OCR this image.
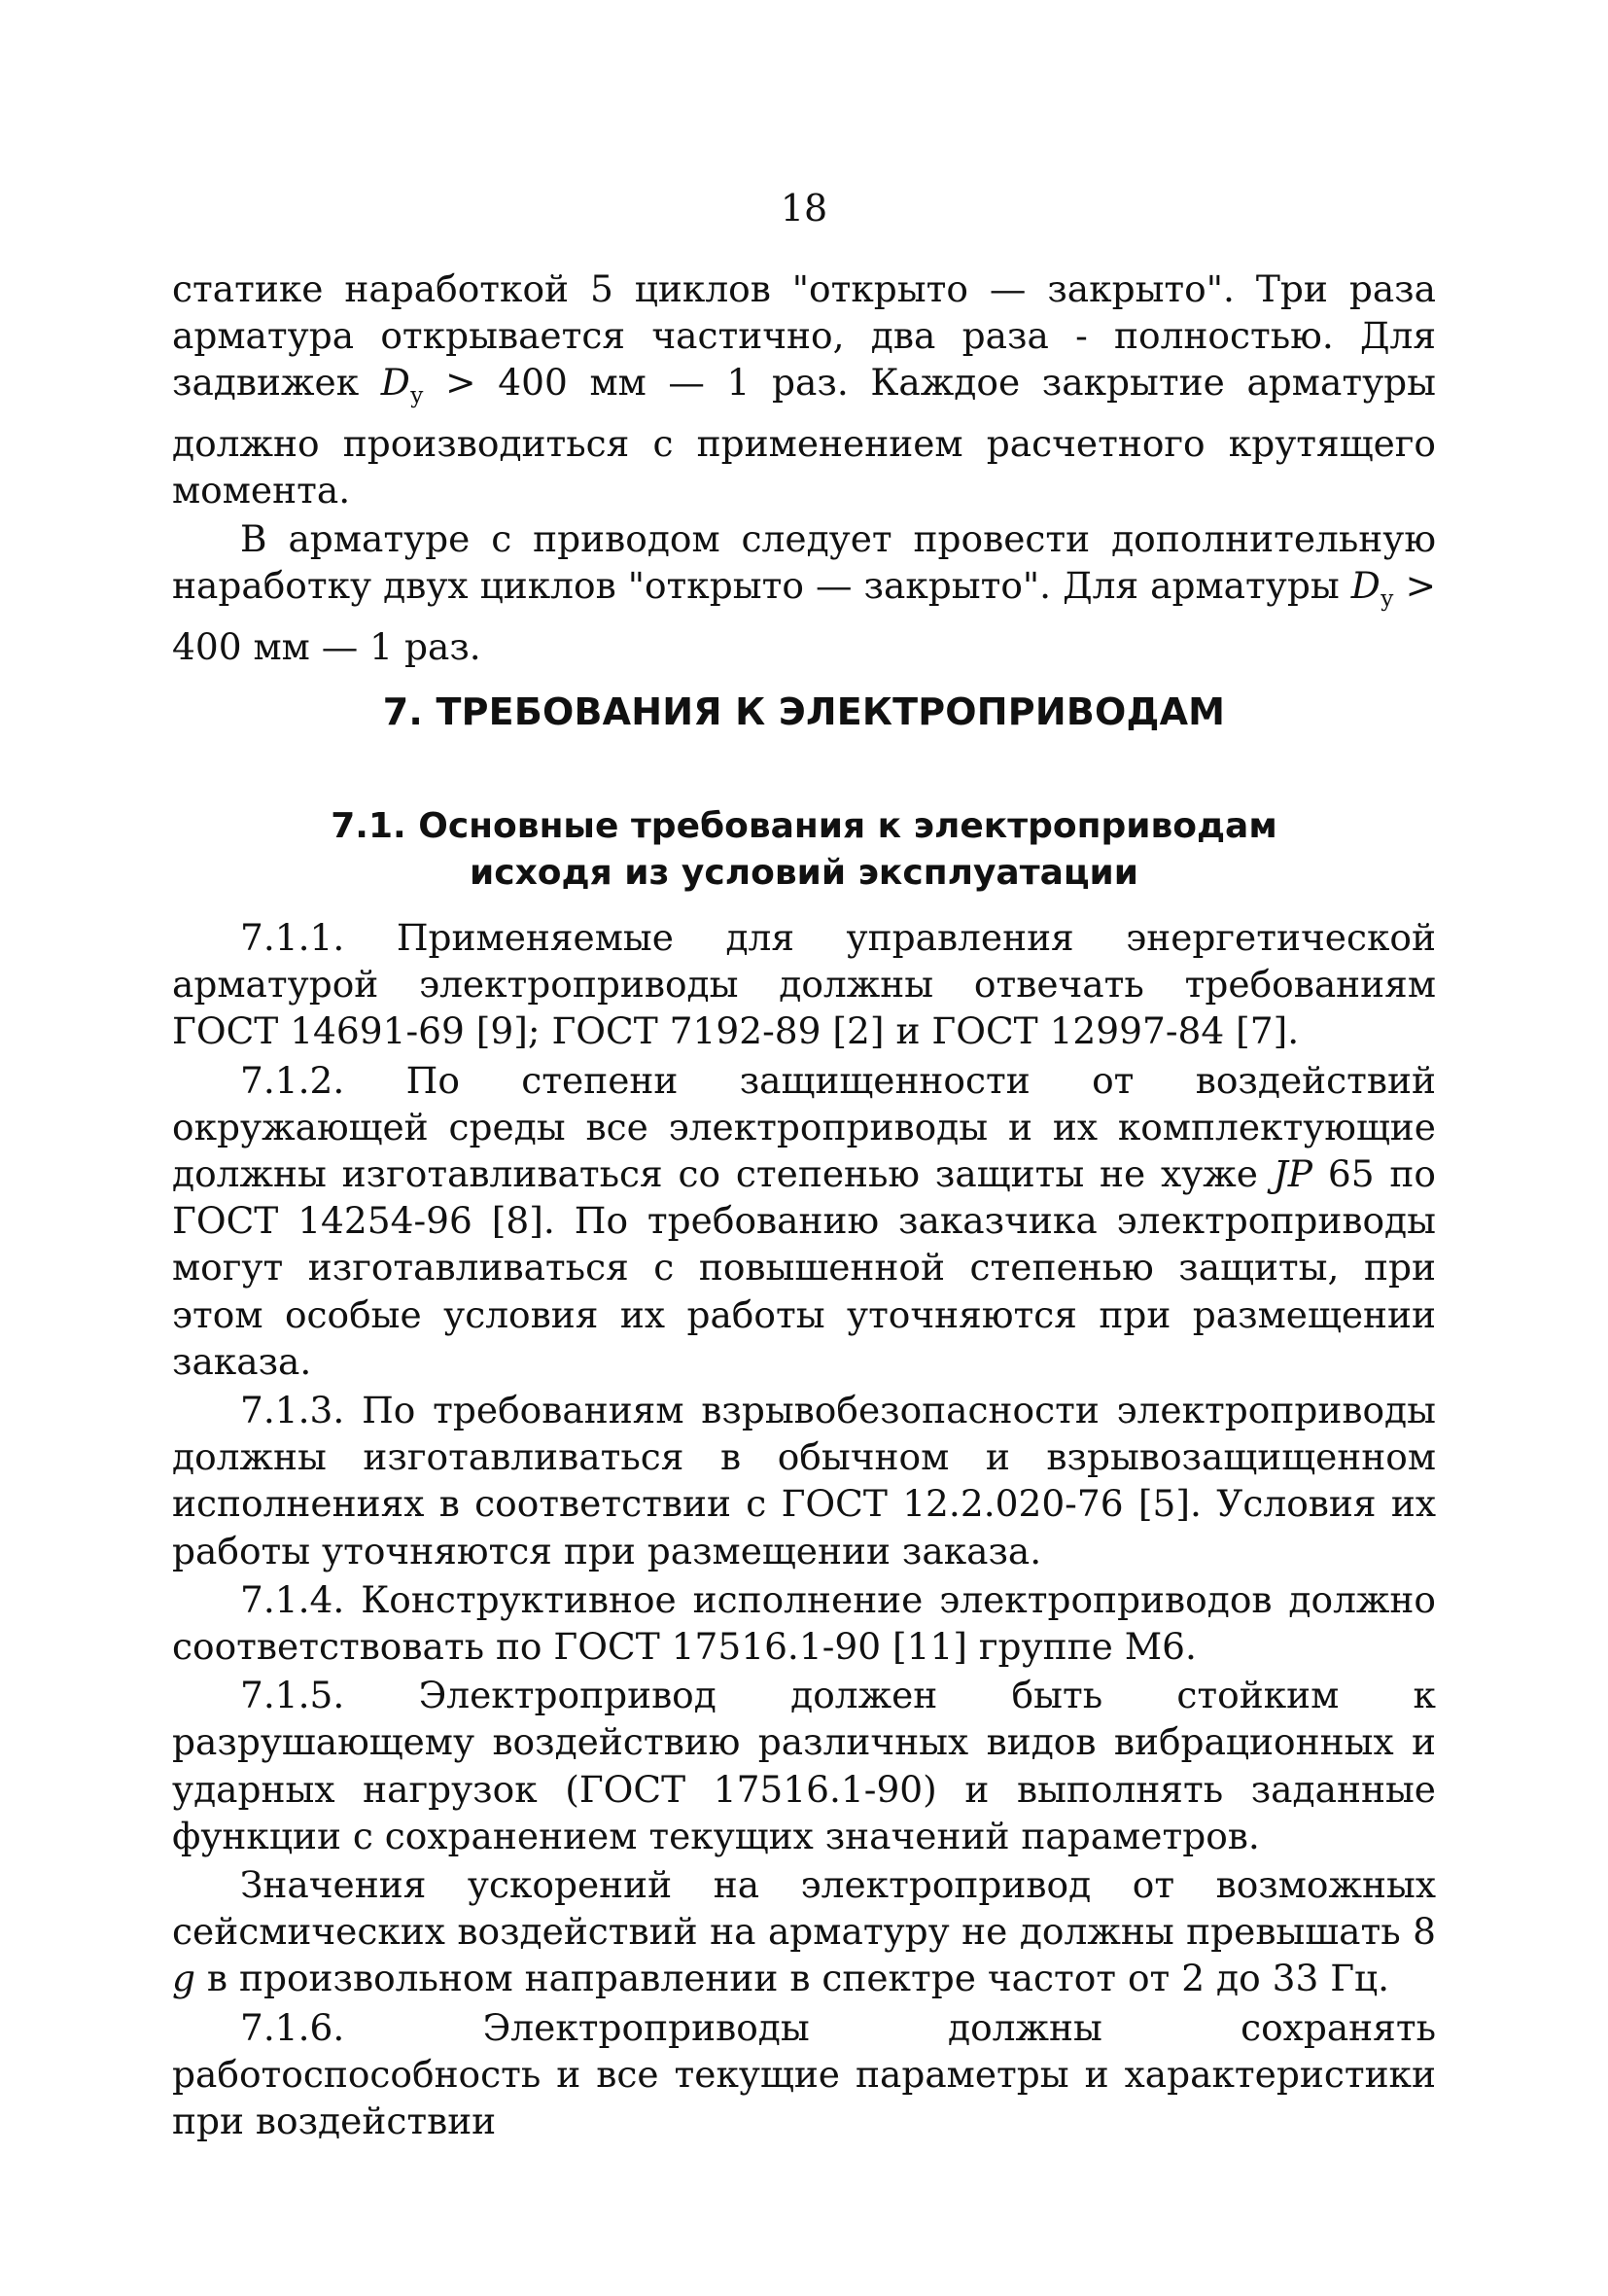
18

статике наработкой 5 циклов "открыто — закрыто". Три раза арматура открывается частично, два раза - полностью. Для задвижек $D_у > 400$ мм — 1 раз. Каждое закрытие арматуры должно производиться с применением расчетного крутящего момента.

В арматуре с приводом следует провести дополнительную наработку двух циклов "открыто — закрыто". Для арматуры $D_у > 400$ мм — 1 раз.

7. ТРЕБОВАНИЯ К ЭЛЕКТРОПРИВОДАМ
7.1. Основные требования к электроприводам
исходя из условий эксплуатации

7.1.1. Применяемые для управления энергетической арматурой электроприводы должны отвечать требованиям ГОСТ 14691-69 [9]; ГОСТ 7192-89 [2] и ГОСТ 12997-84 [7].

7.1.2. По степени защищенности от воздействий окружающей среды все электроприводы и их комплектующие должны изготавливаться со степенью защиты не хуже JP 65 по ГОСТ 14254-96 [8]. По требованию заказчика электроприводы могут изготавливаться с повышенной степенью защиты, при этом особые условия их работы уточняются при размещении заказа.

7.1.3. По требованиям взрывобезопасности электроприводы должны изготавливаться в обычном и взрывозащищенном исполнениях в соответствии с ГОСТ 12.2.020-76 [5]. Условия их работы уточняются при размещении заказа.

7.1.4. Конструктивное исполнение электроприводов должно соответствовать по ГОСТ 17516.1-90 [11] группе М6.

7.1.5. Электропривод должен быть стойким к разрушающему воздействию различных видов вибрационных и ударных нагрузок (ГОСТ 17516.1-90) и выполнять заданные функции с сохранением текущих значений параметров.

Значения ускорений на электропривод от возможных сейсмических воздействий на арматуру не должны превышать 8 g в произвольном направлении в спектре частот от 2 до 33 Гц.

7.1.6. Электроприводы должны сохранять работоспособность и все текущие параметры и характеристики при воздействии
